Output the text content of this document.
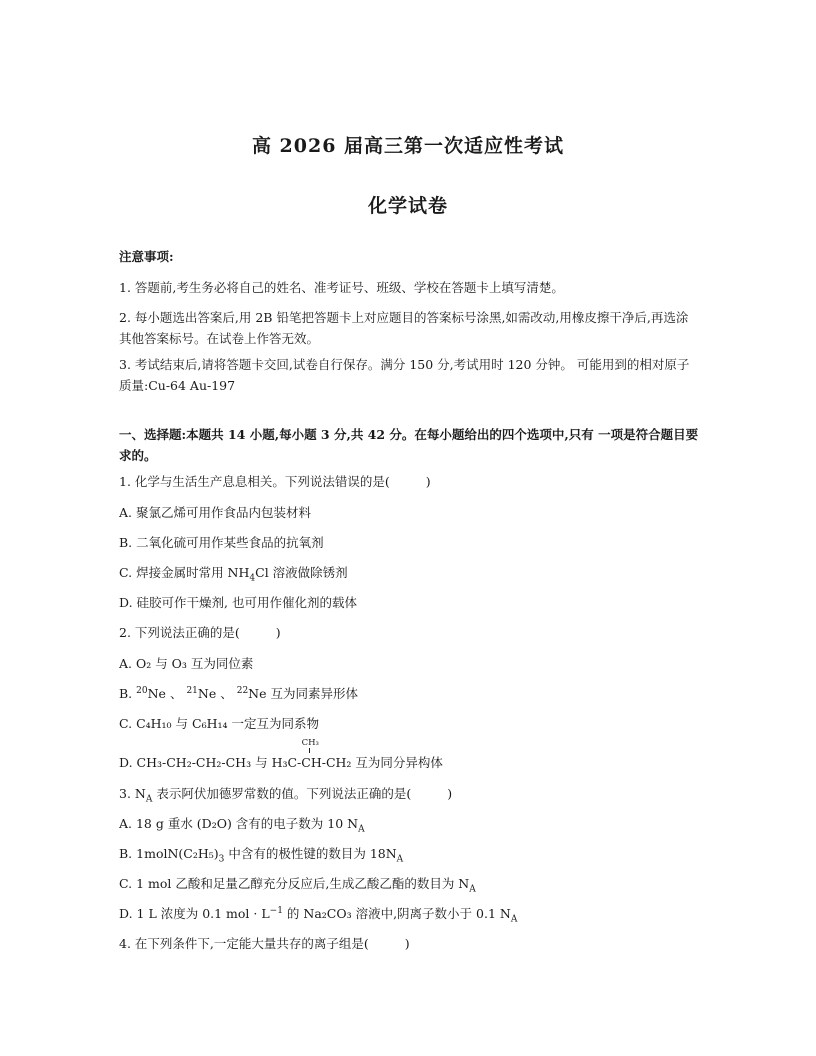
高 2026 届高三第一次适应性考试
化学试卷
注意事项:
1. 答题前,考生务必将自己的姓名、准考证号、班级、学校在答题卡上填写清楚。
2. 每小题选出答案后,用 2B 铅笔把答题卡上对应题目的答案标号涂黑,如需改动,用橡皮擦干净后,再选涂其他答案标号。在试卷上作答无效。
3. 考试结束后,请将答题卡交回,试卷自行保存。满分 150 分,考试用时 120 分钟。 可能用到的相对原子质量:Cu-64 Au-197
一、选择题:本题共 14 小题,每小题 3 分,共 42 分。在每小题给出的四个选项中,只有 一项是符合题目要求的。
1. 化学与生活生产息息相关。下列说法错误的是(	)
A. 聚氯乙烯可用作食品内包装材料
B. 二氧化硫可用作某些食品的抗氧剂
C. 焊接金属时常用 $NH_4Cl$ 溶液做除锈剂
D. 硅胶可作干燥剂, 也可用作催化剂的载体
2. 下列说法正确的是(	)
A. O₂ 与 O₃ 互为同位素
B. $^{20}$Ne 、 $^{21}$Ne 、 $^{22}$Ne 互为同素异形体
C. C₄H₁₀ 与 C₆H₁₄ 一定互为同系物
D. CH₃-CH₂-CH₂-CH₃ 与
CH₃
H₃C-CH-CH₂ 互为同分异构体
3. $N_A$ 表示阿伏加德罗常数的值。下列说法正确的是(	)
A. 18 g 重水 (D₂O) 含有的电子数为 10 $N_A$
B. $1molN(C_2H_5)_3$ 中含有的极性键的数目为 $18N_A$
C. 1 mol 乙酸和足量乙醇充分反应后,生成乙酸乙酯的数目为 $N_A$
D. 1 L 浓度为 0.1 mol · $L^{-1}$ 的 Na₂CO₃ 溶液中,阴离子数小于 0.1 $N_A$
4. 在下列条件下,一定能大量共存的离子组是(	)
